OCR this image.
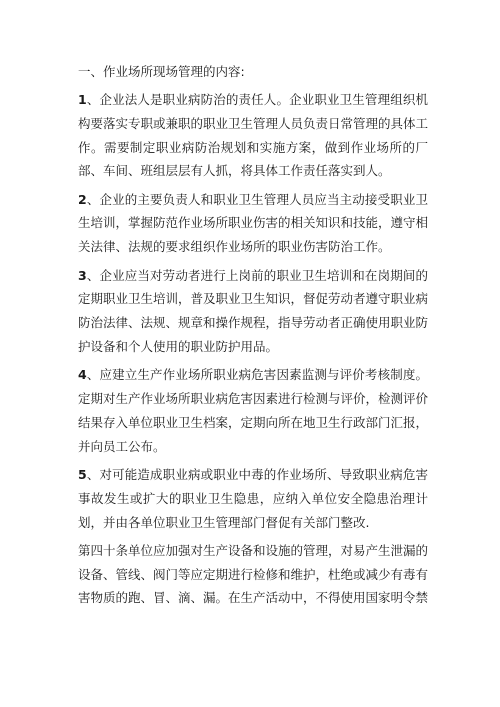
一、作业场所现场管理的内容:
1、企业法人是职业病防治的责任人。企业职业卫生管理组织机构要落实专职或兼职的职业卫生管理人员负责日常管理的具体工作。需要制定职业病防治规划和实施方案，做到作业场所的厂部、车间、班组层层有人抓，将具体工作责任落实到人。
2、企业的主要负责人和职业卫生管理人员应当主动接受职业卫生培训，掌握防范作业场所职业伤害的相关知识和技能，遵守相关法律、法规的要求组织作业场所的职业伤害防治工作。
3、企业应当对劳动者进行上岗前的职业卫生培训和在岗期间的定期职业卫生培训，普及职业卫生知识，督促劳动者遵守职业病防治法律、法规、规章和操作规程，指导劳动者正确使用职业防护设备和个人使用的职业防护用品。
4、应建立生产作业场所职业病危害因素监测与评价考核制度。定期对生产作业场所职业病危害因素进行检测与评价，检测评价结果存入单位职业卫生档案，定期向所在地卫生行政部门汇报，并向员工公布。
5、对可能造成职业病或职业中毒的作业场所、导致职业病危害事故发生或扩大的职业卫生隐患，应纳入单位安全隐患治理计划，并由各单位职业卫生管理部门督促有关部门整改.
第四十条单位应加强对生产设备和设施的管理，对易产生泄漏的设备、管线、阀门等应定期进行检修和维护，杜绝或减少有毒有害物质的跑、冒、滴、漏。在生产活动中，不得使用国家明令禁
